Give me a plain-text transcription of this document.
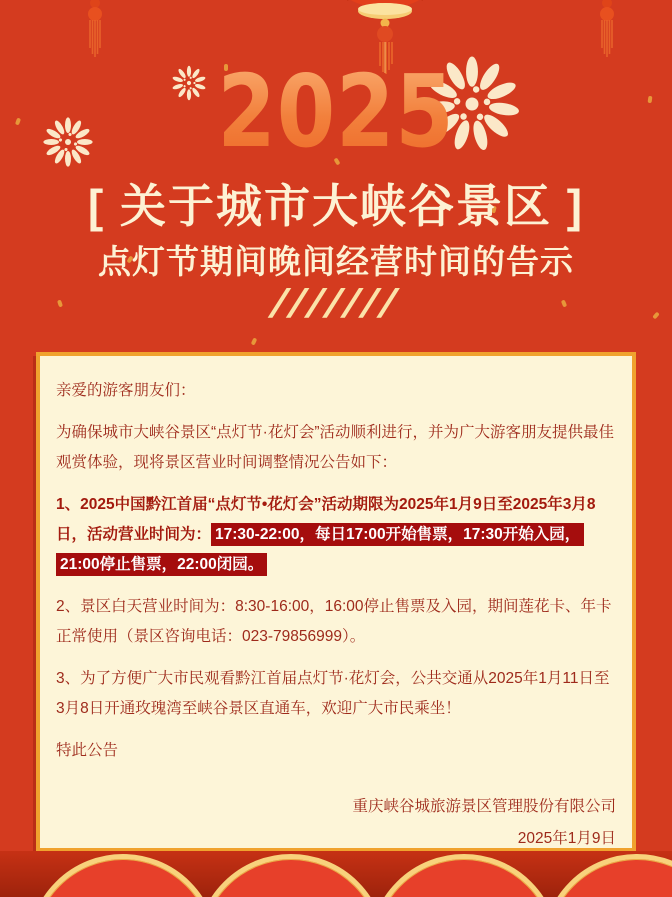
2025
[ 关于城市大峡谷景区 ]
点灯节期间晚间经营时间的告示
///////

亲爱的游客朋友们：

为确保城市大峡谷景区“点灯节·花灯会”活动顺利进行，并为广大游客朋友提供最佳观赏体验，现将景区营业时间调整情况公告如下：

1、2025中国黔江首届“点灯节•花灯会”活动期限为2025年1月9日至2025年3月8日，活动营业时间为： 17:30-22:00，每日17:00开始售票，17:30开始入园，21:00停止售票，22:00闭园。

2、景区白天营业时间为：8:30-16:00，16:00停止售票及入园，期间莲花卡、年卡正常使用（景区咨询电话：023-79856999）。

3、为了方便广大市民观看黔江首届点灯节·花灯会，公共交通从2025年1月11日至3月8日开通玫瑰湾至峡谷景区直通车，欢迎广大市民乘坐！

特此公告

重庆峡谷城旅游景区管理股份有限公司

2025年1月9日
